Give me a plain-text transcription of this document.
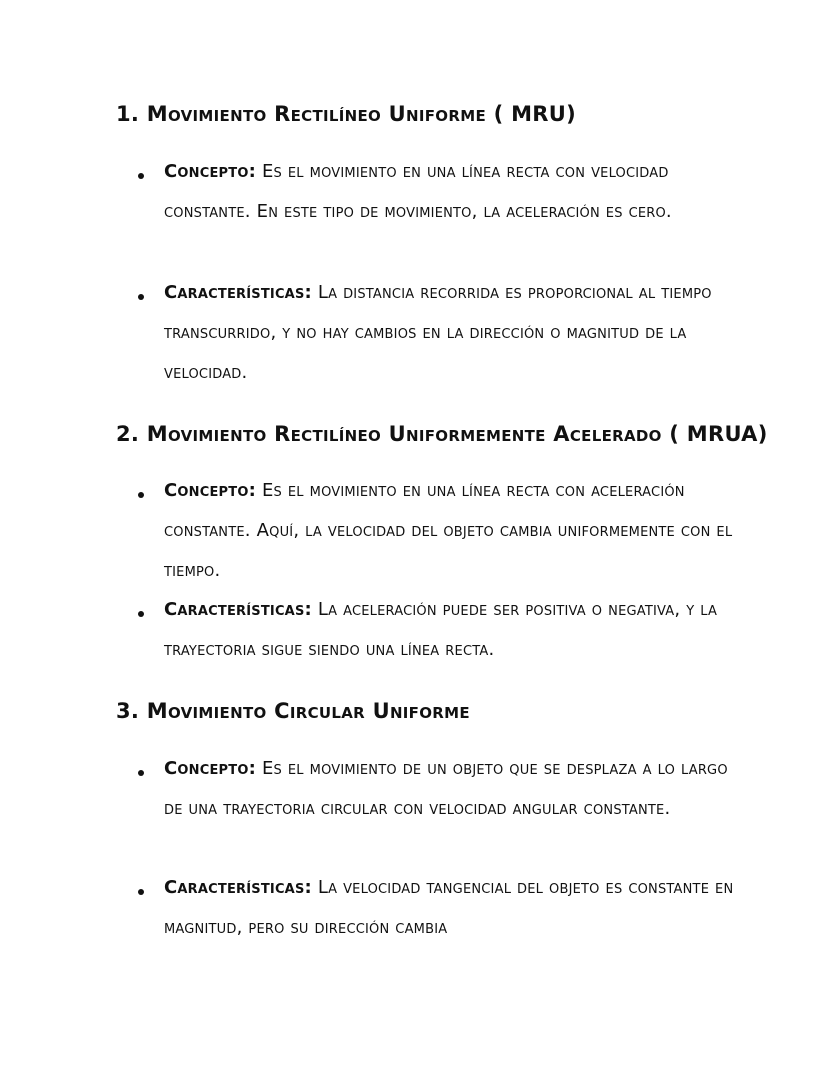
1. Movimiento Rectilíneo Uniforme ( MRU)
Concepto: Es el movimiento en una línea recta con velocidad constante. En este tipo de movimiento, la aceleración es cero.
Características: La distancia recorrida es proporcional al tiempo transcurrido, y no hay cambios en la dirección o magnitud de la velocidad.
2. Movimiento Rectilíneo Uniformemente Acelerado ( MRUA)
Concepto: Es el movimiento en una línea recta con aceleración constante. Aquí, la velocidad del objeto cambia uniformemente con el tiempo.
Características: La aceleración puede ser positiva o negativa, y la trayectoria sigue siendo una línea recta.
3. Movimiento Circular Uniforme
Concepto: Es el movimiento de un objeto que se desplaza a lo largo de una trayectoria circular con velocidad angular constante.
Características: La velocidad tangencial del objeto es constante en magnitud, pero su dirección cambia
